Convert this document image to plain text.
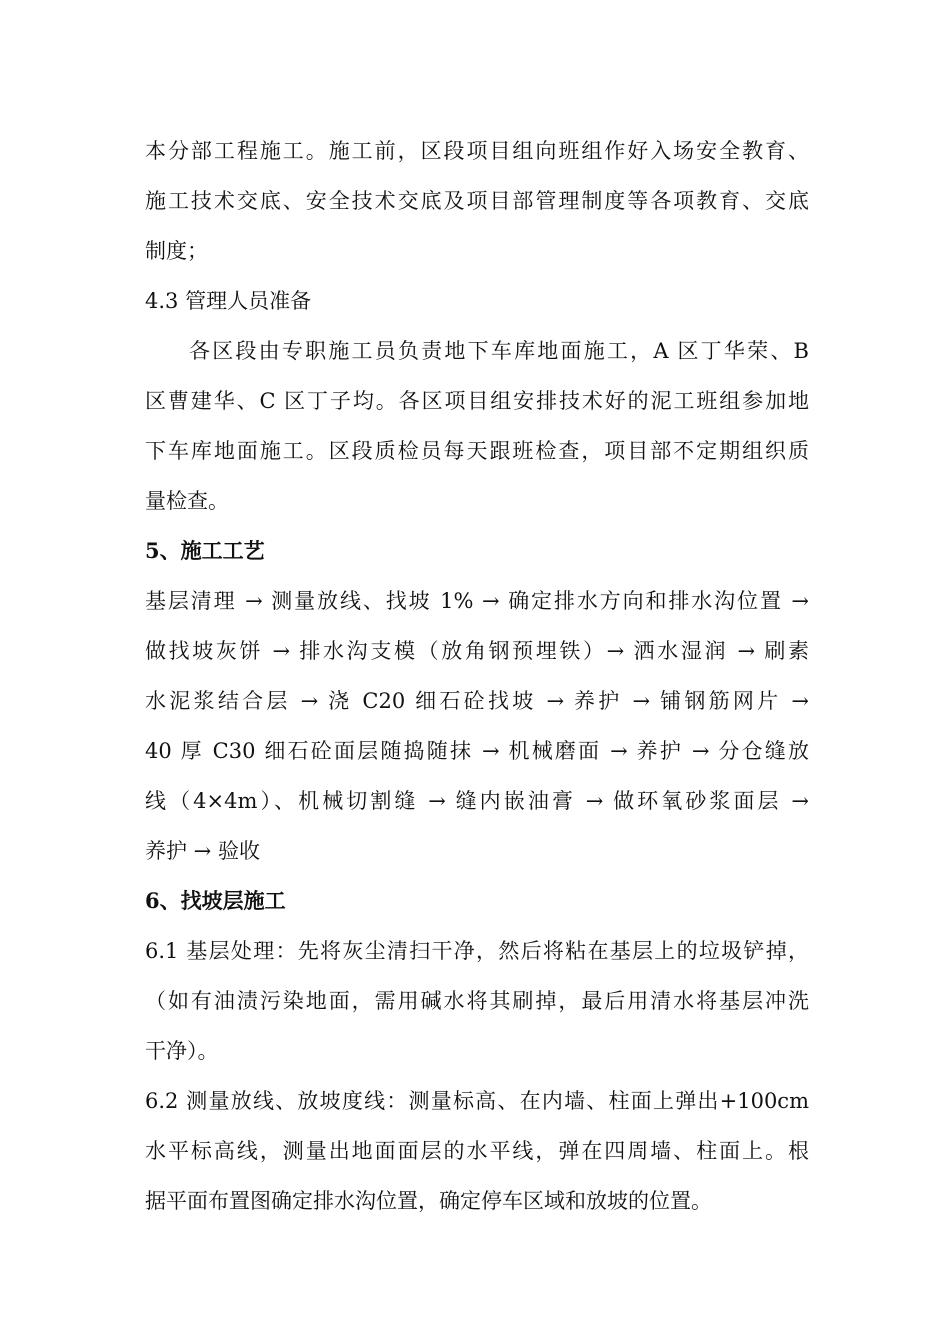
本分部工程施工。施工前，区段项目组向班组作好入场安全教育、
施工技术交底、安全技术交底及项目部管理制度等各项教育、交底
制度；
4.3 管理人员准备
各区段由专职施工员负责地下车库地面施工，A 区丁华荣、B
区曹建华、C 区丁子均。各区项目组安排技术好的泥工班组参加地
下车库地面施工。区段质检员每天跟班检查，项目部不定期组织质
量检查。
5、施工工艺
基层清理 → 测量放线、找坡 1% → 确定排水方向和排水沟位置 →
做找坡灰饼 → 排水沟支模（放角钢预埋铁）→ 洒水湿润 → 刷素
水泥浆结合层 → 浇 C20 细石砼找坡 → 养护 → 铺钢筋网片 →
40 厚 C30 细石砼面层随捣随抹 → 机械磨面 → 养护 → 分仓缝放
线（4×4m）、机械切割缝 → 缝内嵌油膏 → 做环氧砂浆面层 →
养护 → 验收
6、找坡层施工
6.1 基层处理：先将灰尘清扫干净，然后将粘在基层上的垃圾铲掉，
（如有油渍污染地面，需用碱水将其刷掉，最后用清水将基层冲洗
干净）。
6.2 测量放线、放坡度线：测量标高、在内墙、柱面上弹出+100cm
水平标高线，测量出地面面层的水平线，弹在四周墙、柱面上。根
据平面布置图确定排水沟位置，确定停车区域和放坡的位置。
